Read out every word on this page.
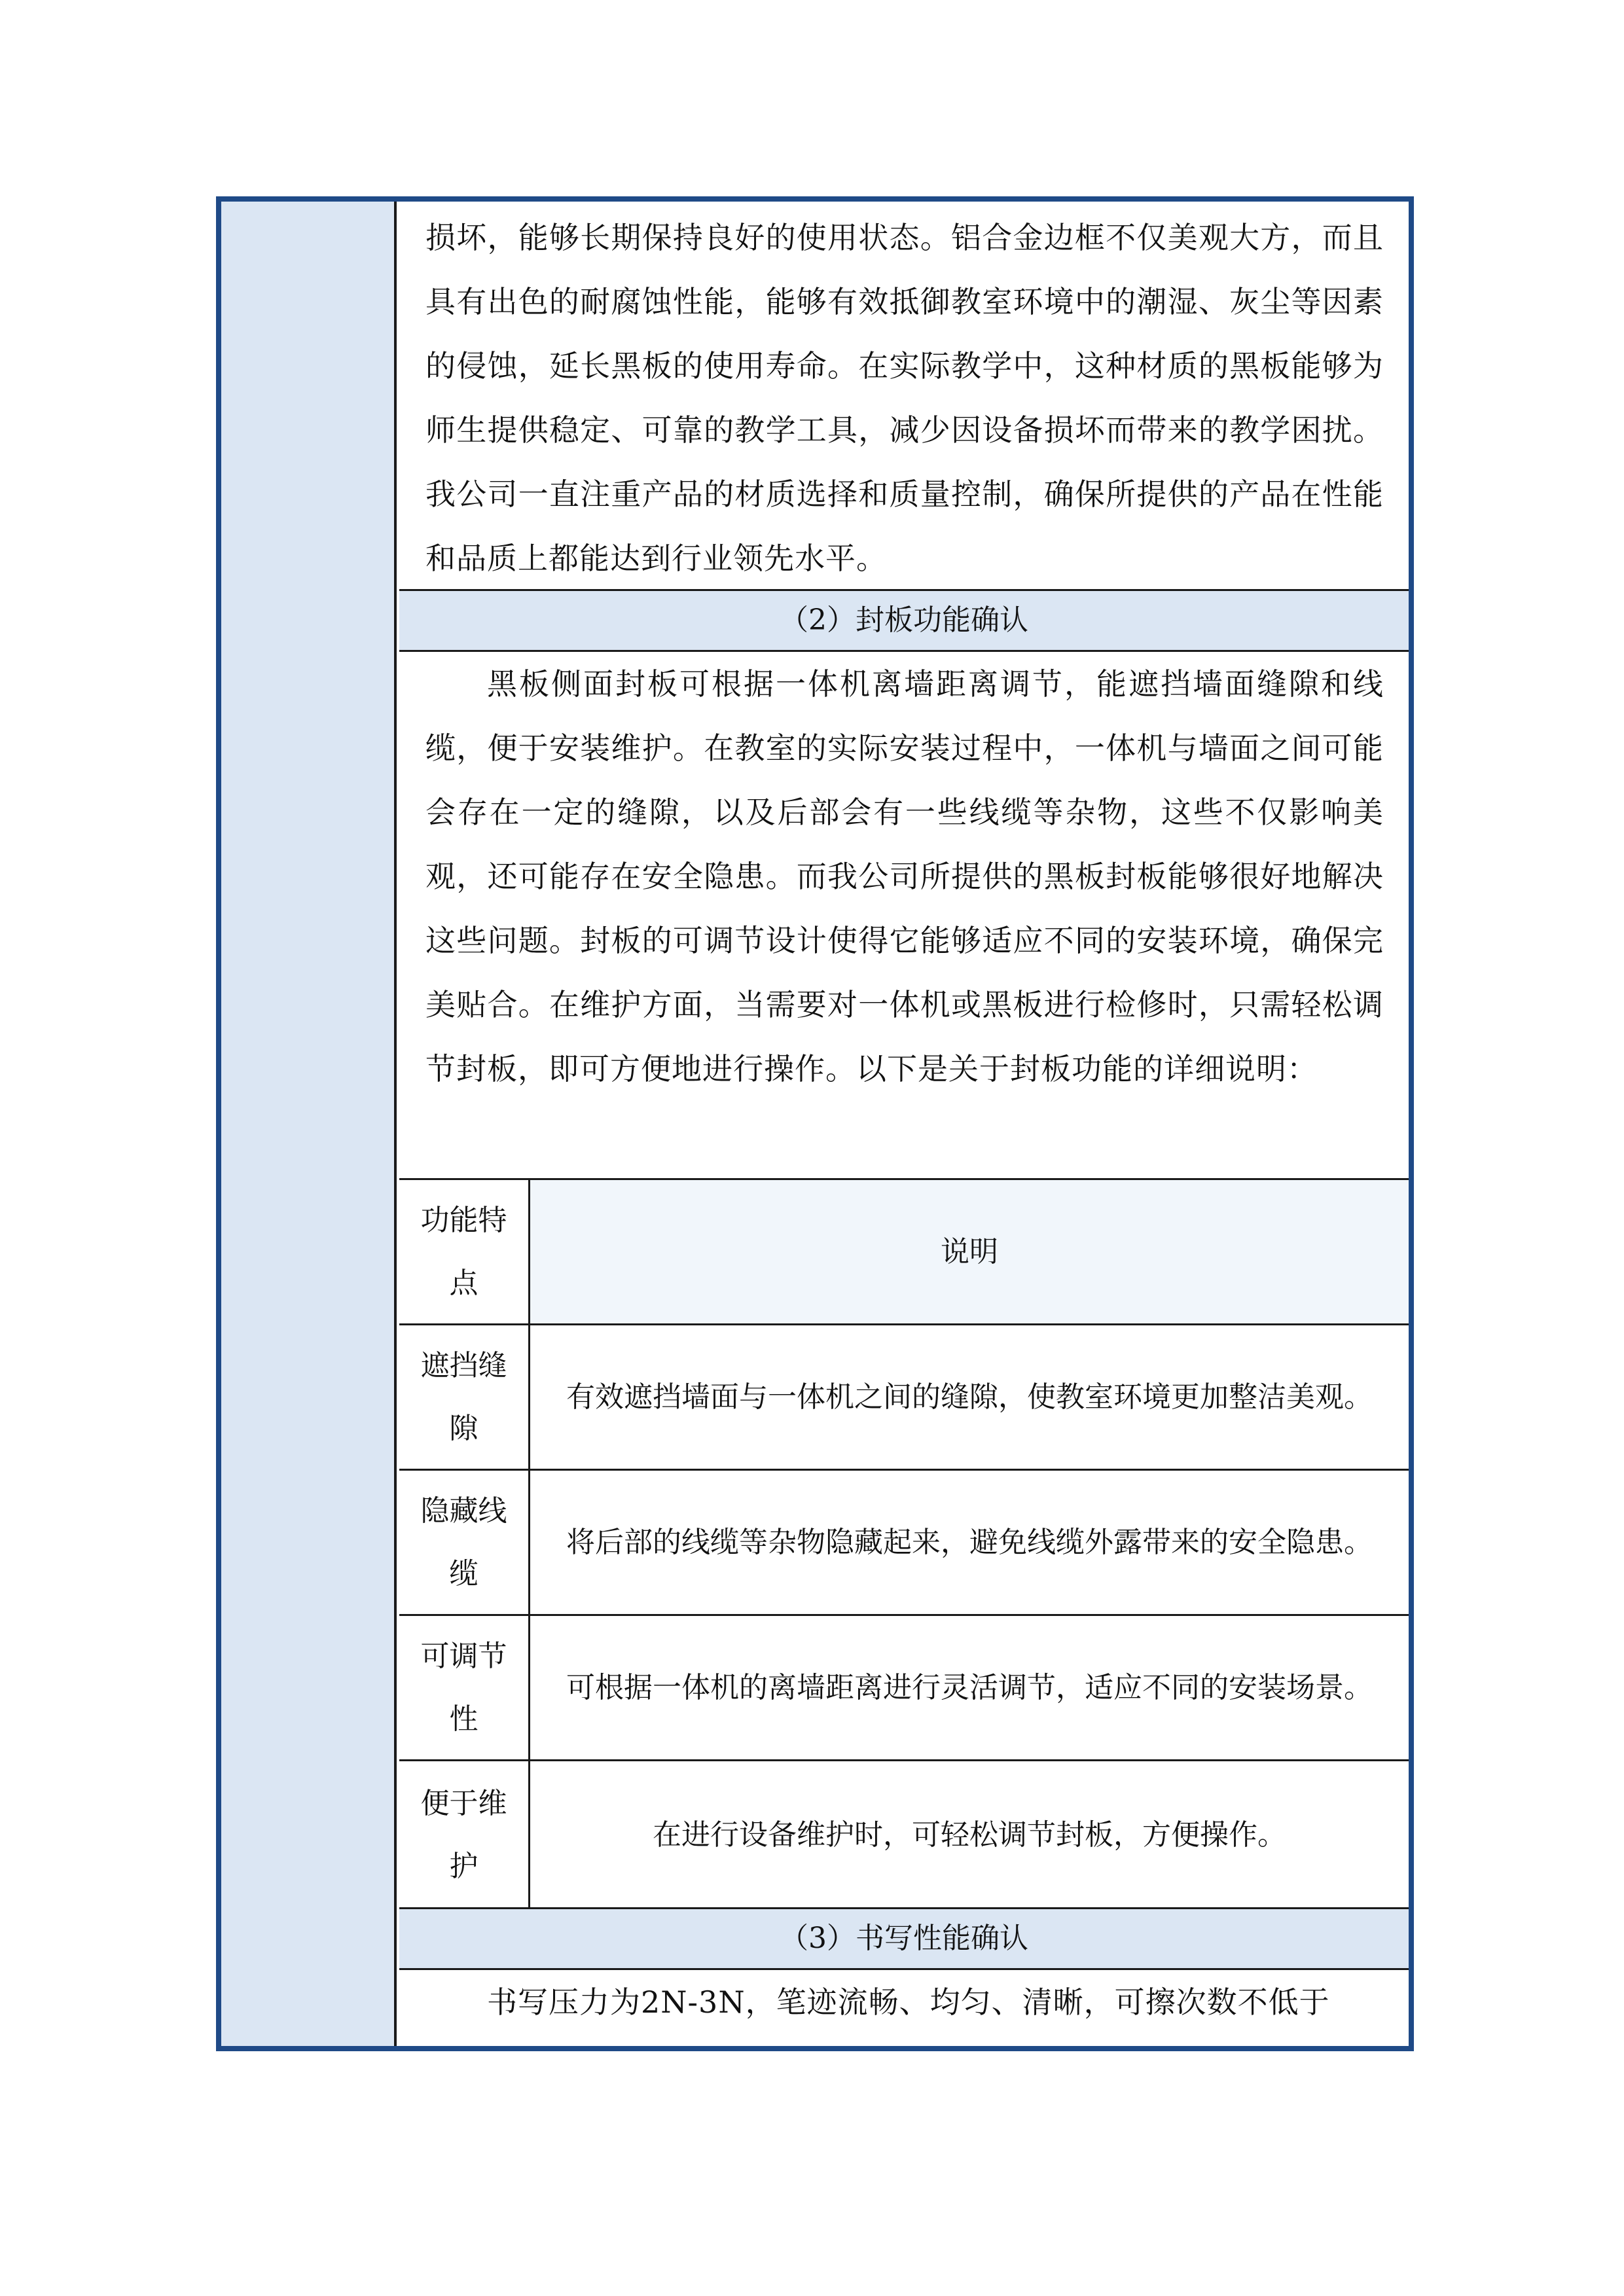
损坏，能够长期保持良好的使用状态。铝合金边框不仅美观大方，而且具有出色的耐腐蚀性能，能够有效抵御教室环境中的潮湿、灰尘等因素的侵蚀，延长黑板的使用寿命。在实际教学中，这种材质的黑板能够为师生提供稳定、可靠的教学工具，减少因设备损坏而带来的教学困扰。我公司一直注重产品的材质选择和质量控制，确保所提供的产品在性能和品质上都能达到行业领先水平。
（2）封板功能确认
黑板侧面封板可根据一体机离墙距离调节，能遮挡墙面缝隙和线缆，便于安装维护。在教室的实际安装过程中，一体机与墙面之间可能会存在一定的缝隙，以及后部会有一些线缆等杂物，这些不仅影响美观，还可能存在安全隐患。而我公司所提供的黑板封板能够很好地解决这些问题。封板的可调节设计使得它能够适应不同的安装环境，确保完美贴合。在维护方面，当需要对一体机或黑板进行检修时，只需轻松调节封板，即可方便地进行操作。以下是关于封板功能的详细说明：
功能特点
说明
遮挡缝隙
有效遮挡墙面与一体机之间的缝隙，使教室环境更加整洁美观。
隐藏线缆
将后部的线缆等杂物隐藏起来，避免线缆外露带来的安全隐患。
可调节性
可根据一体机的离墙距离进行灵活调节，适应不同的安装场景。
便于维护
在进行设备维护时，可轻松调节封板，方便操作。
（3）书写性能确认
书写压力为2N-3N，笔迹流畅、均匀、清晰，可擦次数不低于
